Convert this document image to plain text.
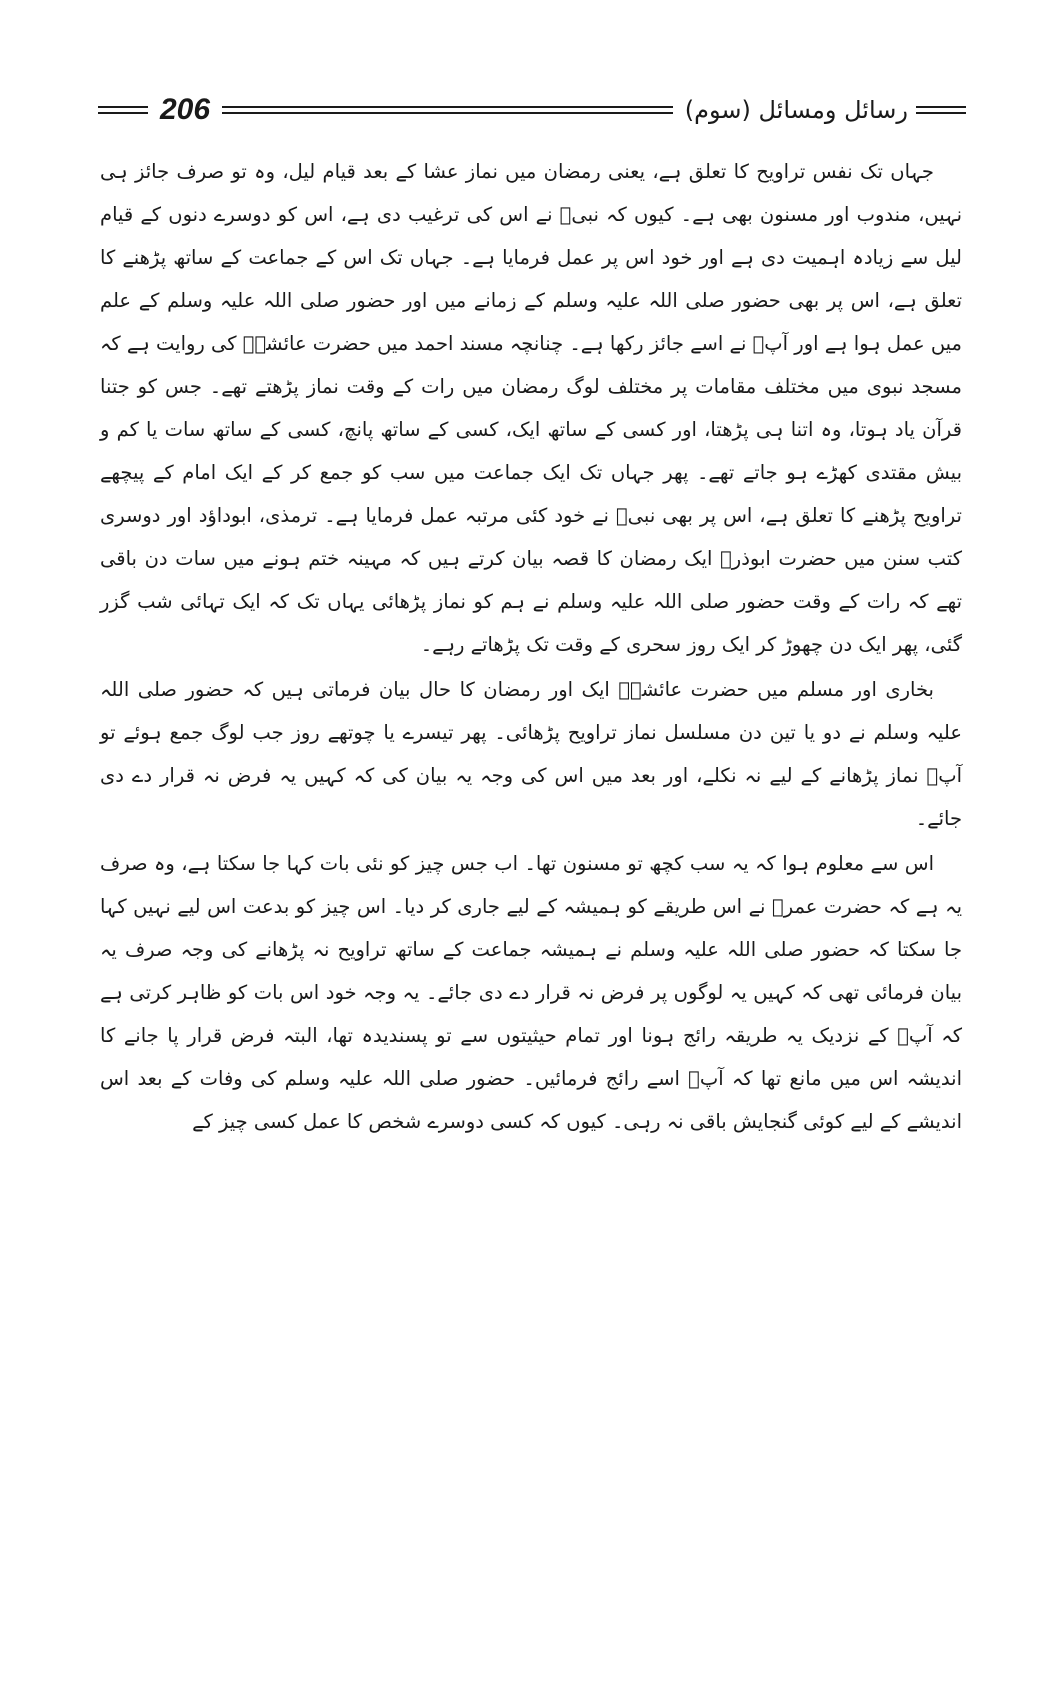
206	رسائل ومسائل (سوم)

جہاں تک نفس تراویح کا تعلق ہے، یعنی رمضان میں نماز عشا کے بعد قیام لیل، وہ تو صرف جائز ہی نہیں، مندوب اور مسنون بھی ہے۔ کیوں کہ نبیؐ نے اس کی ترغیب دی ہے، اس کو دوسرے دنوں کے قیام لیل سے زیادہ اہمیت دی ہے اور خود اس پر عمل فرمایا ہے۔ جہاں تک اس کے جماعت کے ساتھ پڑھنے کا تعلق ہے، اس پر بھی حضور صلی اللہ علیہ وسلم کے زمانے میں اور حضور صلی اللہ علیہ وسلم کے علم میں عمل ہوا ہے اور آپؐ نے اسے جائز رکھا ہے۔ چنانچہ مسند احمد میں حضرت عائشہؓ کی روایت ہے کہ مسجد نبوی میں مختلف مقامات پر مختلف لوگ رمضان میں رات کے وقت نماز پڑھتے تھے۔ جس کو جتنا قرآن یاد ہوتا، وہ اتنا ہی پڑھتا، اور کسی کے ساتھ ایک، کسی کے ساتھ پانچ، کسی کے ساتھ سات یا کم و بیش مقتدی کھڑے ہو جاتے تھے۔ پھر جہاں تک ایک جماعت میں سب کو جمع کر کے ایک امام کے پیچھے تراویح پڑھنے کا تعلق ہے، اس پر بھی نبیؐ نے خود کئی مرتبہ عمل فرمایا ہے۔ ترمذی، ابوداؤد اور دوسری کتب سنن میں حضرت ابوذرؓ ایک رمضان کا قصہ بیان کرتے ہیں کہ مہینہ ختم ہونے میں سات دن باقی تھے کہ رات کے وقت حضور صلی اللہ علیہ وسلم نے ہم کو نماز پڑھائی یہاں تک کہ ایک تہائی شب گزر گئی، پھر ایک دن چھوڑ کر ایک روز سحری کے وقت تک پڑھاتے رہے۔

بخاری اور مسلم میں حضرت عائشہؓ ایک اور رمضان کا حال بیان فرماتی ہیں کہ حضور صلی اللہ علیہ وسلم نے دو یا تین دن مسلسل نماز تراویح پڑھائی۔ پھر تیسرے یا چوتھے روز جب لوگ جمع ہوئے تو آپؐ نماز پڑھانے کے لیے نہ نکلے، اور بعد میں اس کی وجہ یہ بیان کی کہ کہیں یہ فرض نہ قرار دے دی جائے۔

اس سے معلوم ہوا کہ یہ سب کچھ تو مسنون تھا۔ اب جس چیز کو نئی بات کہا جا سکتا ہے، وہ صرف یہ ہے کہ حضرت عمرؓ نے اس طریقے کو ہمیشہ کے لیے جاری کر دیا۔ اس چیز کو بدعت اس لیے نہیں کہا جا سکتا کہ حضور صلی اللہ علیہ وسلم نے ہمیشہ جماعت کے ساتھ تراویح نہ پڑھانے کی وجہ صرف یہ بیان فرمائی تھی کہ کہیں یہ لوگوں پر فرض نہ قرار دے دی جائے۔ یہ وجہ خود اس بات کو ظاہر کرتی ہے کہ آپؐ کے نزدیک یہ طریقہ رائج ہونا اور تمام حیثیتوں سے تو پسندیدہ تھا، البتہ فرض قرار پا جانے کا اندیشہ اس میں مانع تھا کہ آپؐ اسے رائج فرمائیں۔ حضور صلی اللہ علیہ وسلم کی وفات کے بعد اس اندیشے کے لیے کوئی گنجایش باقی نہ رہی۔ کیوں کہ کسی دوسرے شخص کا عمل کسی چیز کے
